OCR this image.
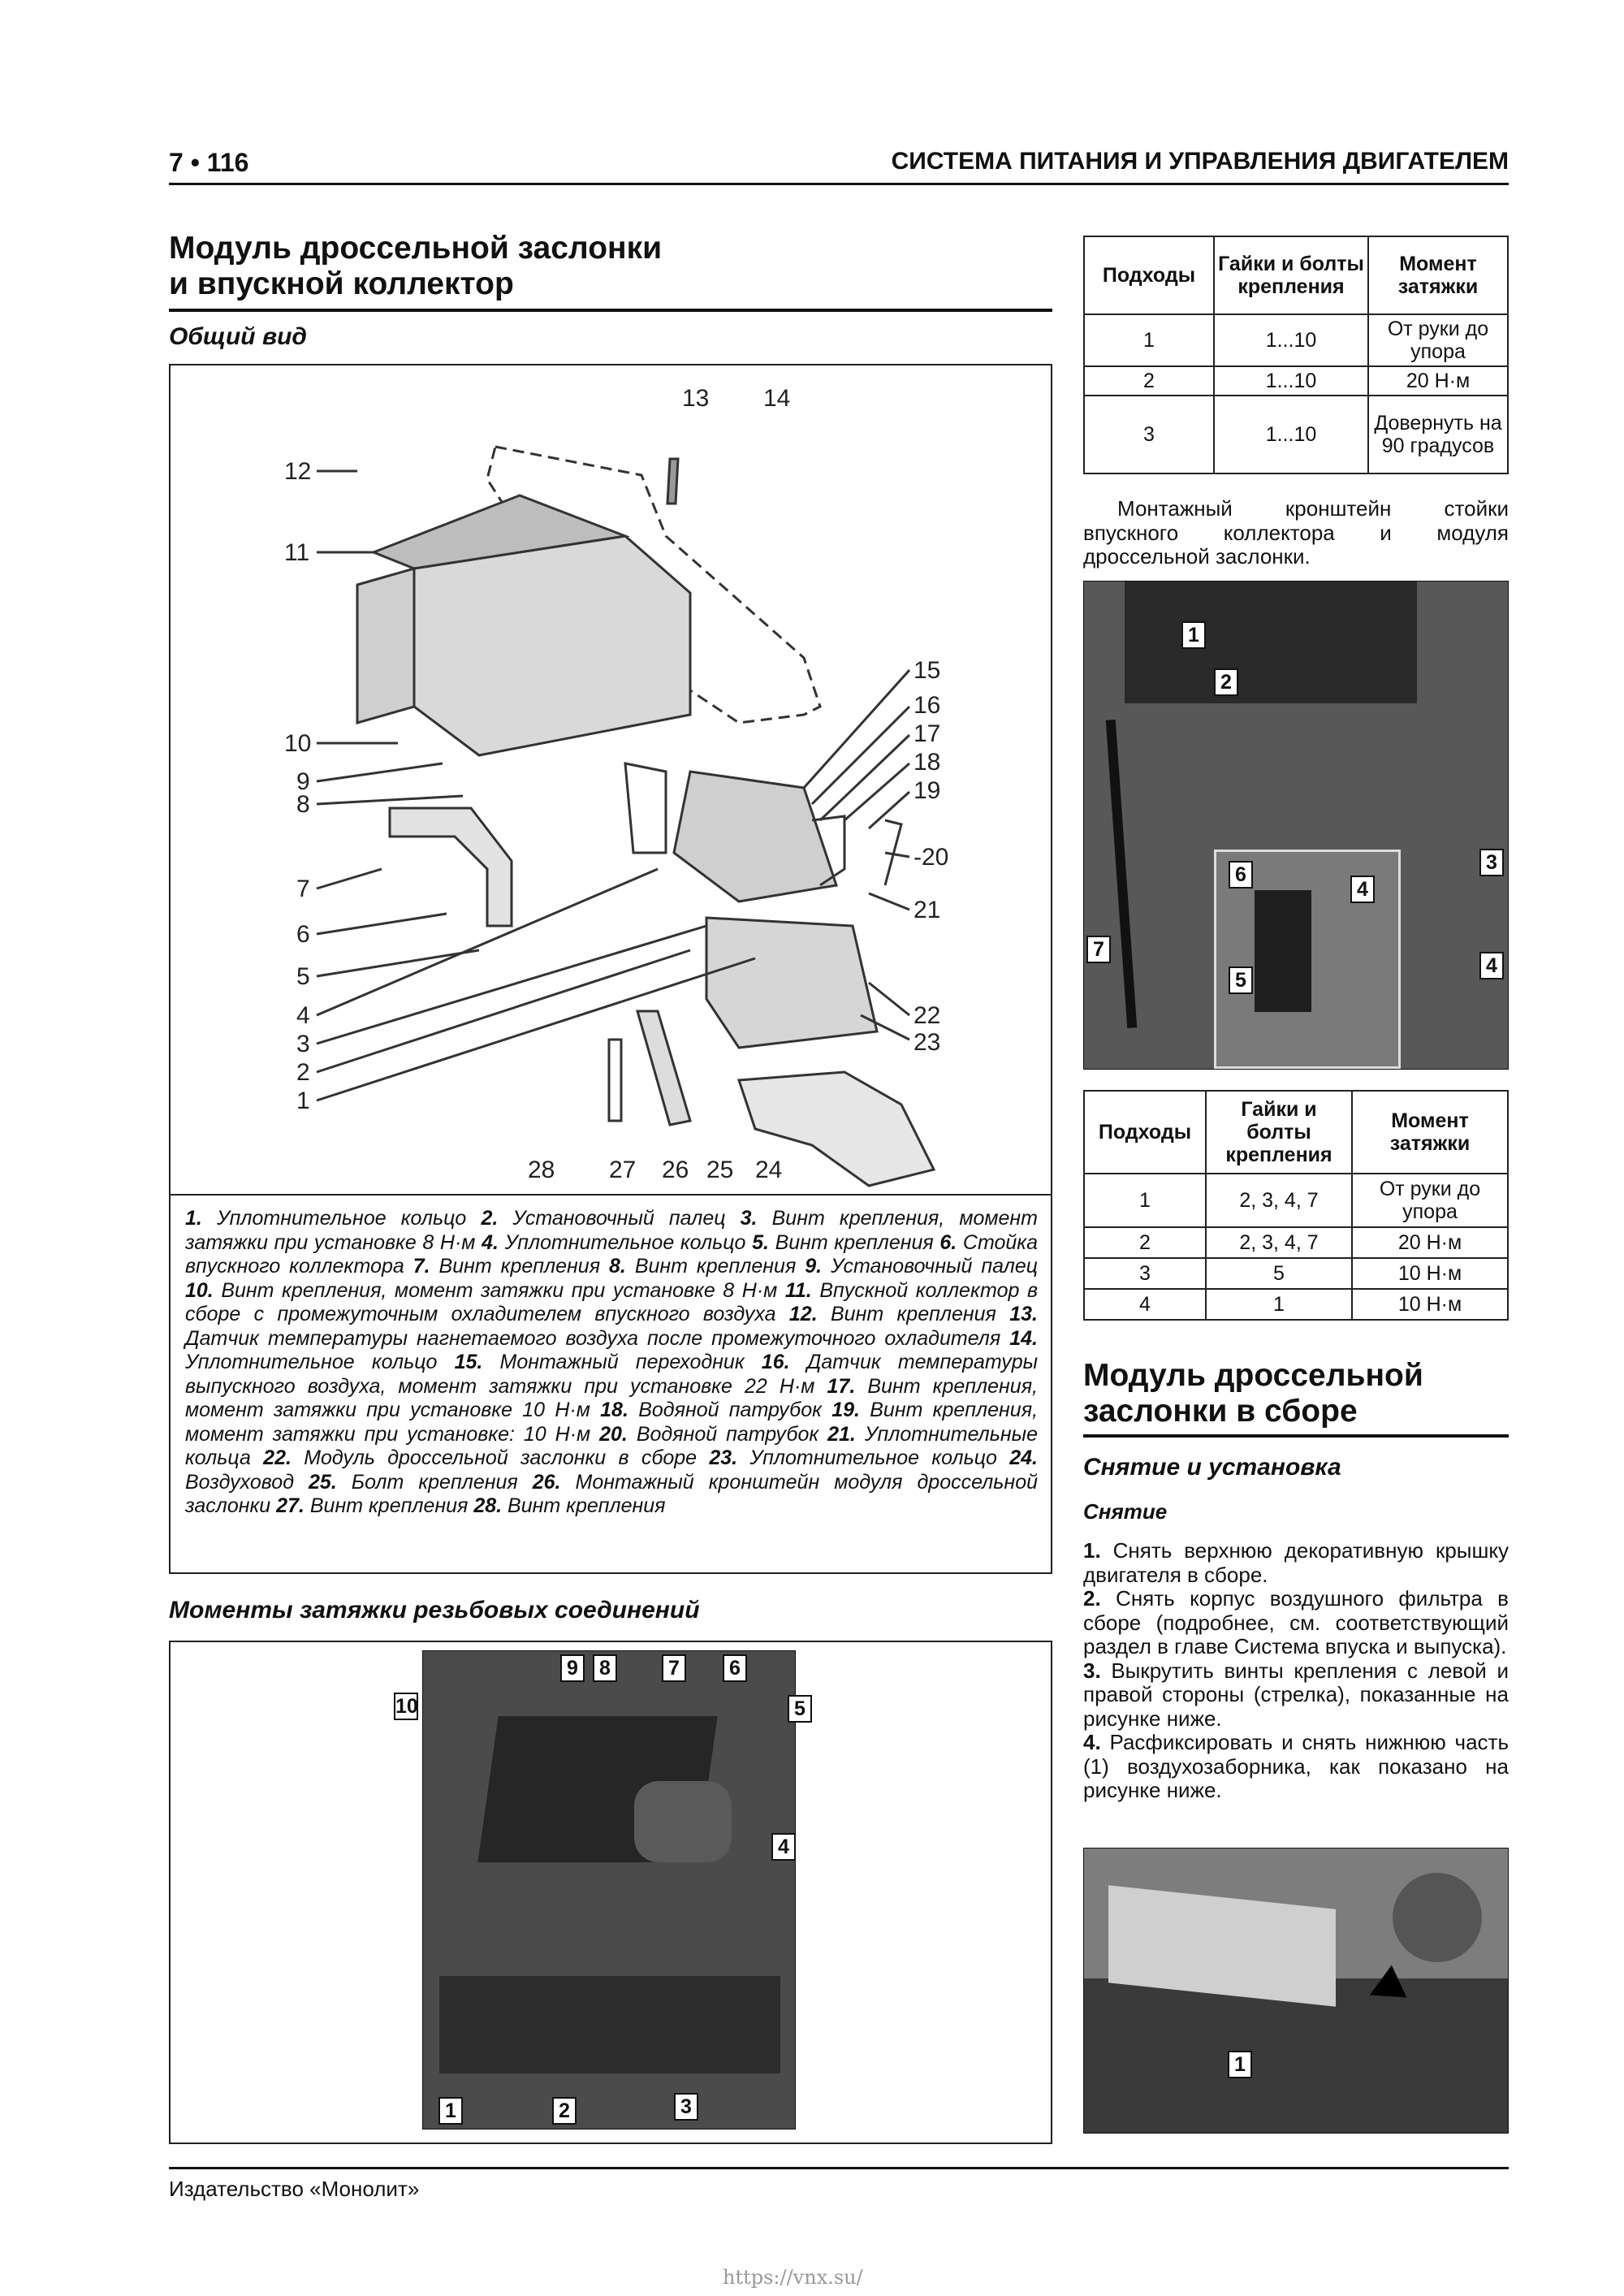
7 • 116	СИСТЕМА ПИТАНИЯ И УПРАВЛЕНИЯ ДВИГАТЕЛЕМ
Модуль дроссельной заслонки
и впускной коллектор
Общий вид
13 14
12
11
10
9
8
7
6
5
4
3
2
1
15
16
17
18
19
-20
21
22
23
28 27 26 25 24
1. Уплотнительное кольцо 2. Установочный палец 3. Винт крепления, момент затяжки при установке 8 Н·м 4. Уплотнительное кольцо 5. Винт крепления 6. Стойка впускного коллектора 7. Винт крепления 8. Винт крепления 9. Установочный палец 10. Винт крепления, момент затяжки при установке 8 Н·м 11. Впускной коллектор в сборе с промежуточным охладителем впускного воздуха 12. Винт крепления 13. Датчик температуры нагнетаемого воздуха после промежуточного охладителя 14. Уплотнительное кольцо 15. Монтажный переходник 16. Датчик температуры выпускного воздуха, момент затяжки при установке 22 Н·м 17. Винт крепления, момент затяжки при установке 10 Н·м 18. Водяной патрубок 19. Винт крепления, момент затяжки при установке: 10 Н·м 20. Водяной патрубок 21. Уплотнительные кольца 22. Модуль дроссельной заслонки в сборе 23. Уплотнительное кольцо 24. Воздуховод 25. Болт крепления 26. Монтажный кронштейн модуля дроссельной заслонки 27. Винт крепления 28. Винт крепления
Моменты затяжки резьбовых соединений
10
9	8	7	6
5
4
1	2	3
Подходы	Гайки и болты крепления	Момент затяжки
1	1...10	От руки до упора
2	1...10	20 Н·м
3	1...10	Довернуть на 90 градусов
Монтажный кронштейн стойки впускного коллектора и модуля дроссельной заслонки.
1
2
3
4
5
6
7
4
Подходы	Гайки и болты крепления	Момент затяжки
1	2, 3, 4, 7	От руки до упора
2	2, 3, 4, 7	20 Н·м
3	5	10 Н·м
4	1	10 Н·м
Модуль дроссельной
заслонки в сборе
Снятие и установка
Снятие
1. Снять верхнюю декоративную крышку двигателя в сборе.
2. Снять корпус воздушного фильтра в сборе (подробнее, см. соответствующий раздел в главе Система впуска и выпуска).
3. Выкрутить винты крепления с левой и правой стороны (стрелка), показанные на рисунке ниже.
4. Расфиксировать и снять нижнюю часть (1) воздухозаборника, как показано на рисунке ниже.
1
Издательство «Монолит»
https://vnx.su/
